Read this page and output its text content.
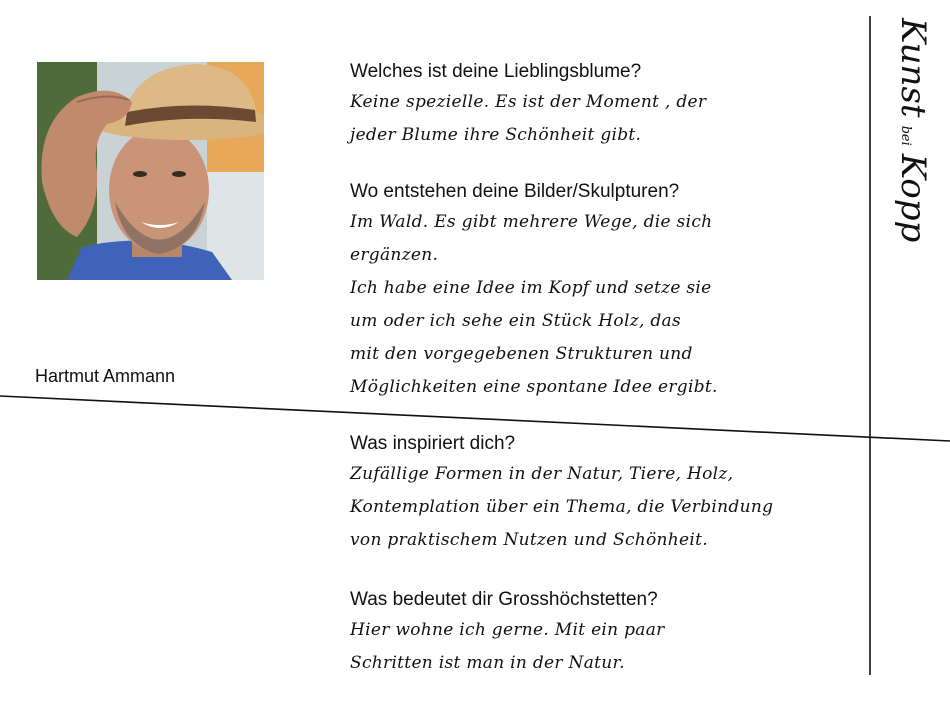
Hartmut Ammann
KunstbeiKopp
Welches ist deine Lieblingsblume?
Keine spezielle. Es ist der Moment , der
jeder Blume ihre Schönheit gibt.
Wo entstehen deine Bilder/Skulpturen?
Im Wald. Es gibt mehrere Wege, die sich
ergänzen.
Ich habe eine Idee im Kopf und setze sie
um oder ich sehe ein Stück Holz, das
mit den vorgegebenen Strukturen und
Möglichkeiten eine spontane Idee ergibt.
Was inspiriert dich?
Zufällige Formen in der Natur, Tiere, Holz,
Kontemplation über ein Thema, die Verbindung
von praktischem Nutzen und Schönheit.
Was bedeutet dir Grosshöchstetten?
Hier wohne ich gerne. Mit ein paar
Schritten ist man in der Natur.
